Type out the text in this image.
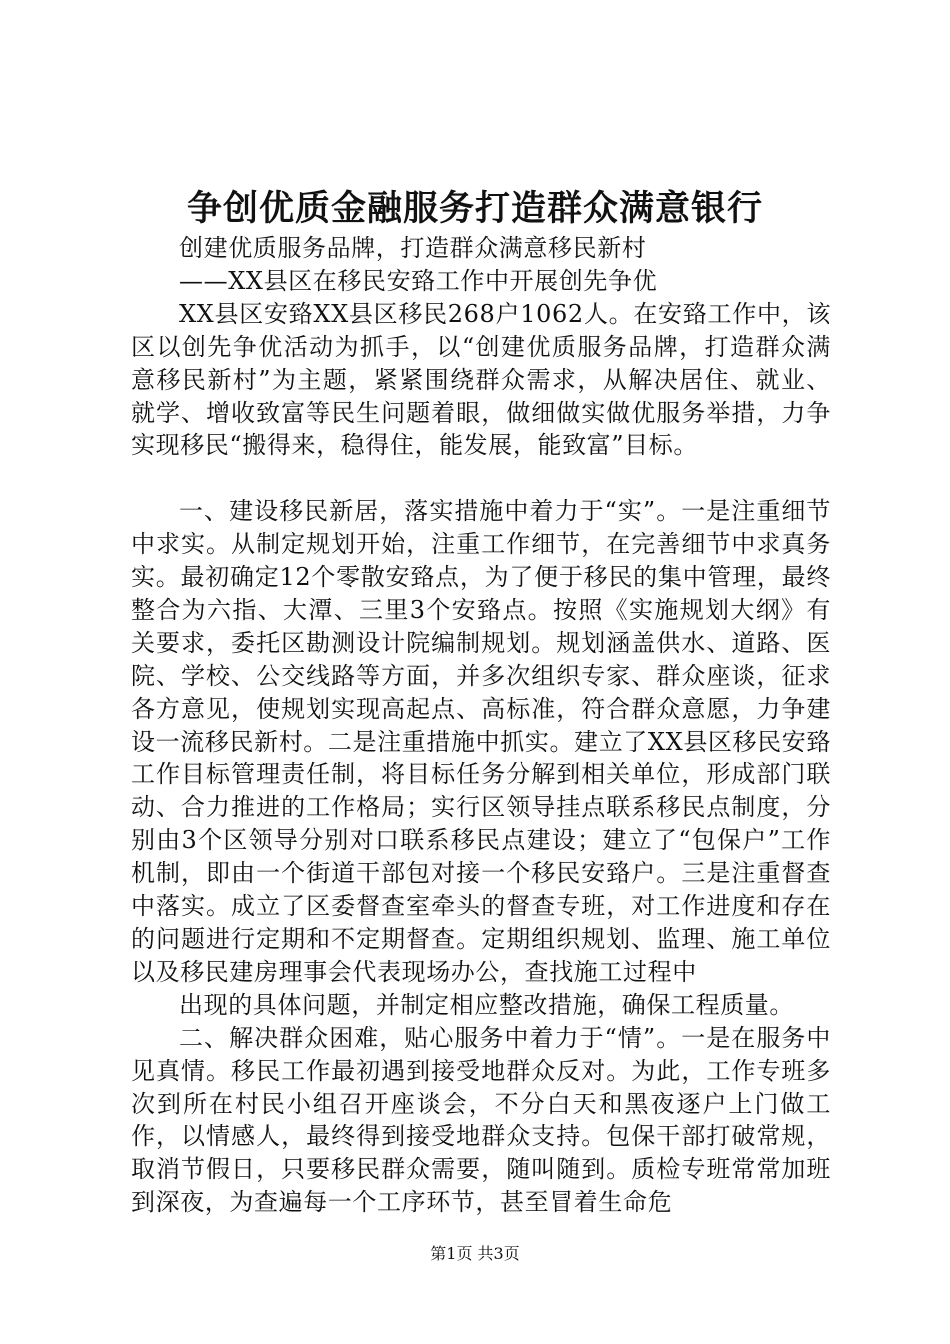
争创优质金融服务打造群众满意银行

创建优质服务品牌，打造群众满意移民新村

——XX县区在移民安臵工作中开展创先争优

XX县区安臵XX县区移民268户1062人。在安臵工作中，该区以创先争优活动为抓手，以“创建优质服务品牌，打造群众满意移民新村”为主题，紧紧围绕群众需求，从解决居住、就业、就学、增收致富等民生问题着眼，做细做实做优服务举措，力争实现移民“搬得来，稳得住，能发展，能致富”目标。

一、建设移民新居，落实措施中着力于“实”。一是注重细节中求实。从制定规划开始，注重工作细节，在完善细节中求真务实。最初确定12个零散安臵点，为了便于移民的集中管理，最终整合为六指、大潭、三里3个安臵点。按照《实施规划大纲》有关要求，委托区勘测设计院编制规划。规划涵盖供水、道路、医院、学校、公交线路等方面，并多次组织专家、群众座谈，征求各方意见，使规划实现高起点、高标准，符合群众意愿，力争建设一流移民新村。二是注重措施中抓实。建立了XX县区移民安臵工作目标管理责任制，将目标任务分解到相关单位，形成部门联动、合力推进的工作格局；实行区领导挂点联系移民点制度，分别由3个区领导分别对口联系移民点建设；建立了“包保户”工作机制，即由一个街道干部包对接一个移民安臵户。三是注重督查中落实。成立了区委督查室牵头的督查专班，对工作进度和存在的问题进行定期和不定期督查。定期组织规划、监理、施工单位以及移民建房理事会代表现场办公，查找施工过程中

出现的具体问题，并制定相应整改措施，确保工程质量。

二、解决群众困难，贴心服务中着力于“情”。一是在服务中见真情。移民工作最初遇到接受地群众反对。为此，工作专班多次到所在村民小组召开座谈会，不分白天和黑夜逐户上门做工作，以情感人，最终得到接受地群众支持。包保干部打破常规，取消节假日，只要移民群众需要，随叫随到。质检专班常常加班到深夜，为查遍每一个工序环节，甚至冒着生命危

第1页 共3页
